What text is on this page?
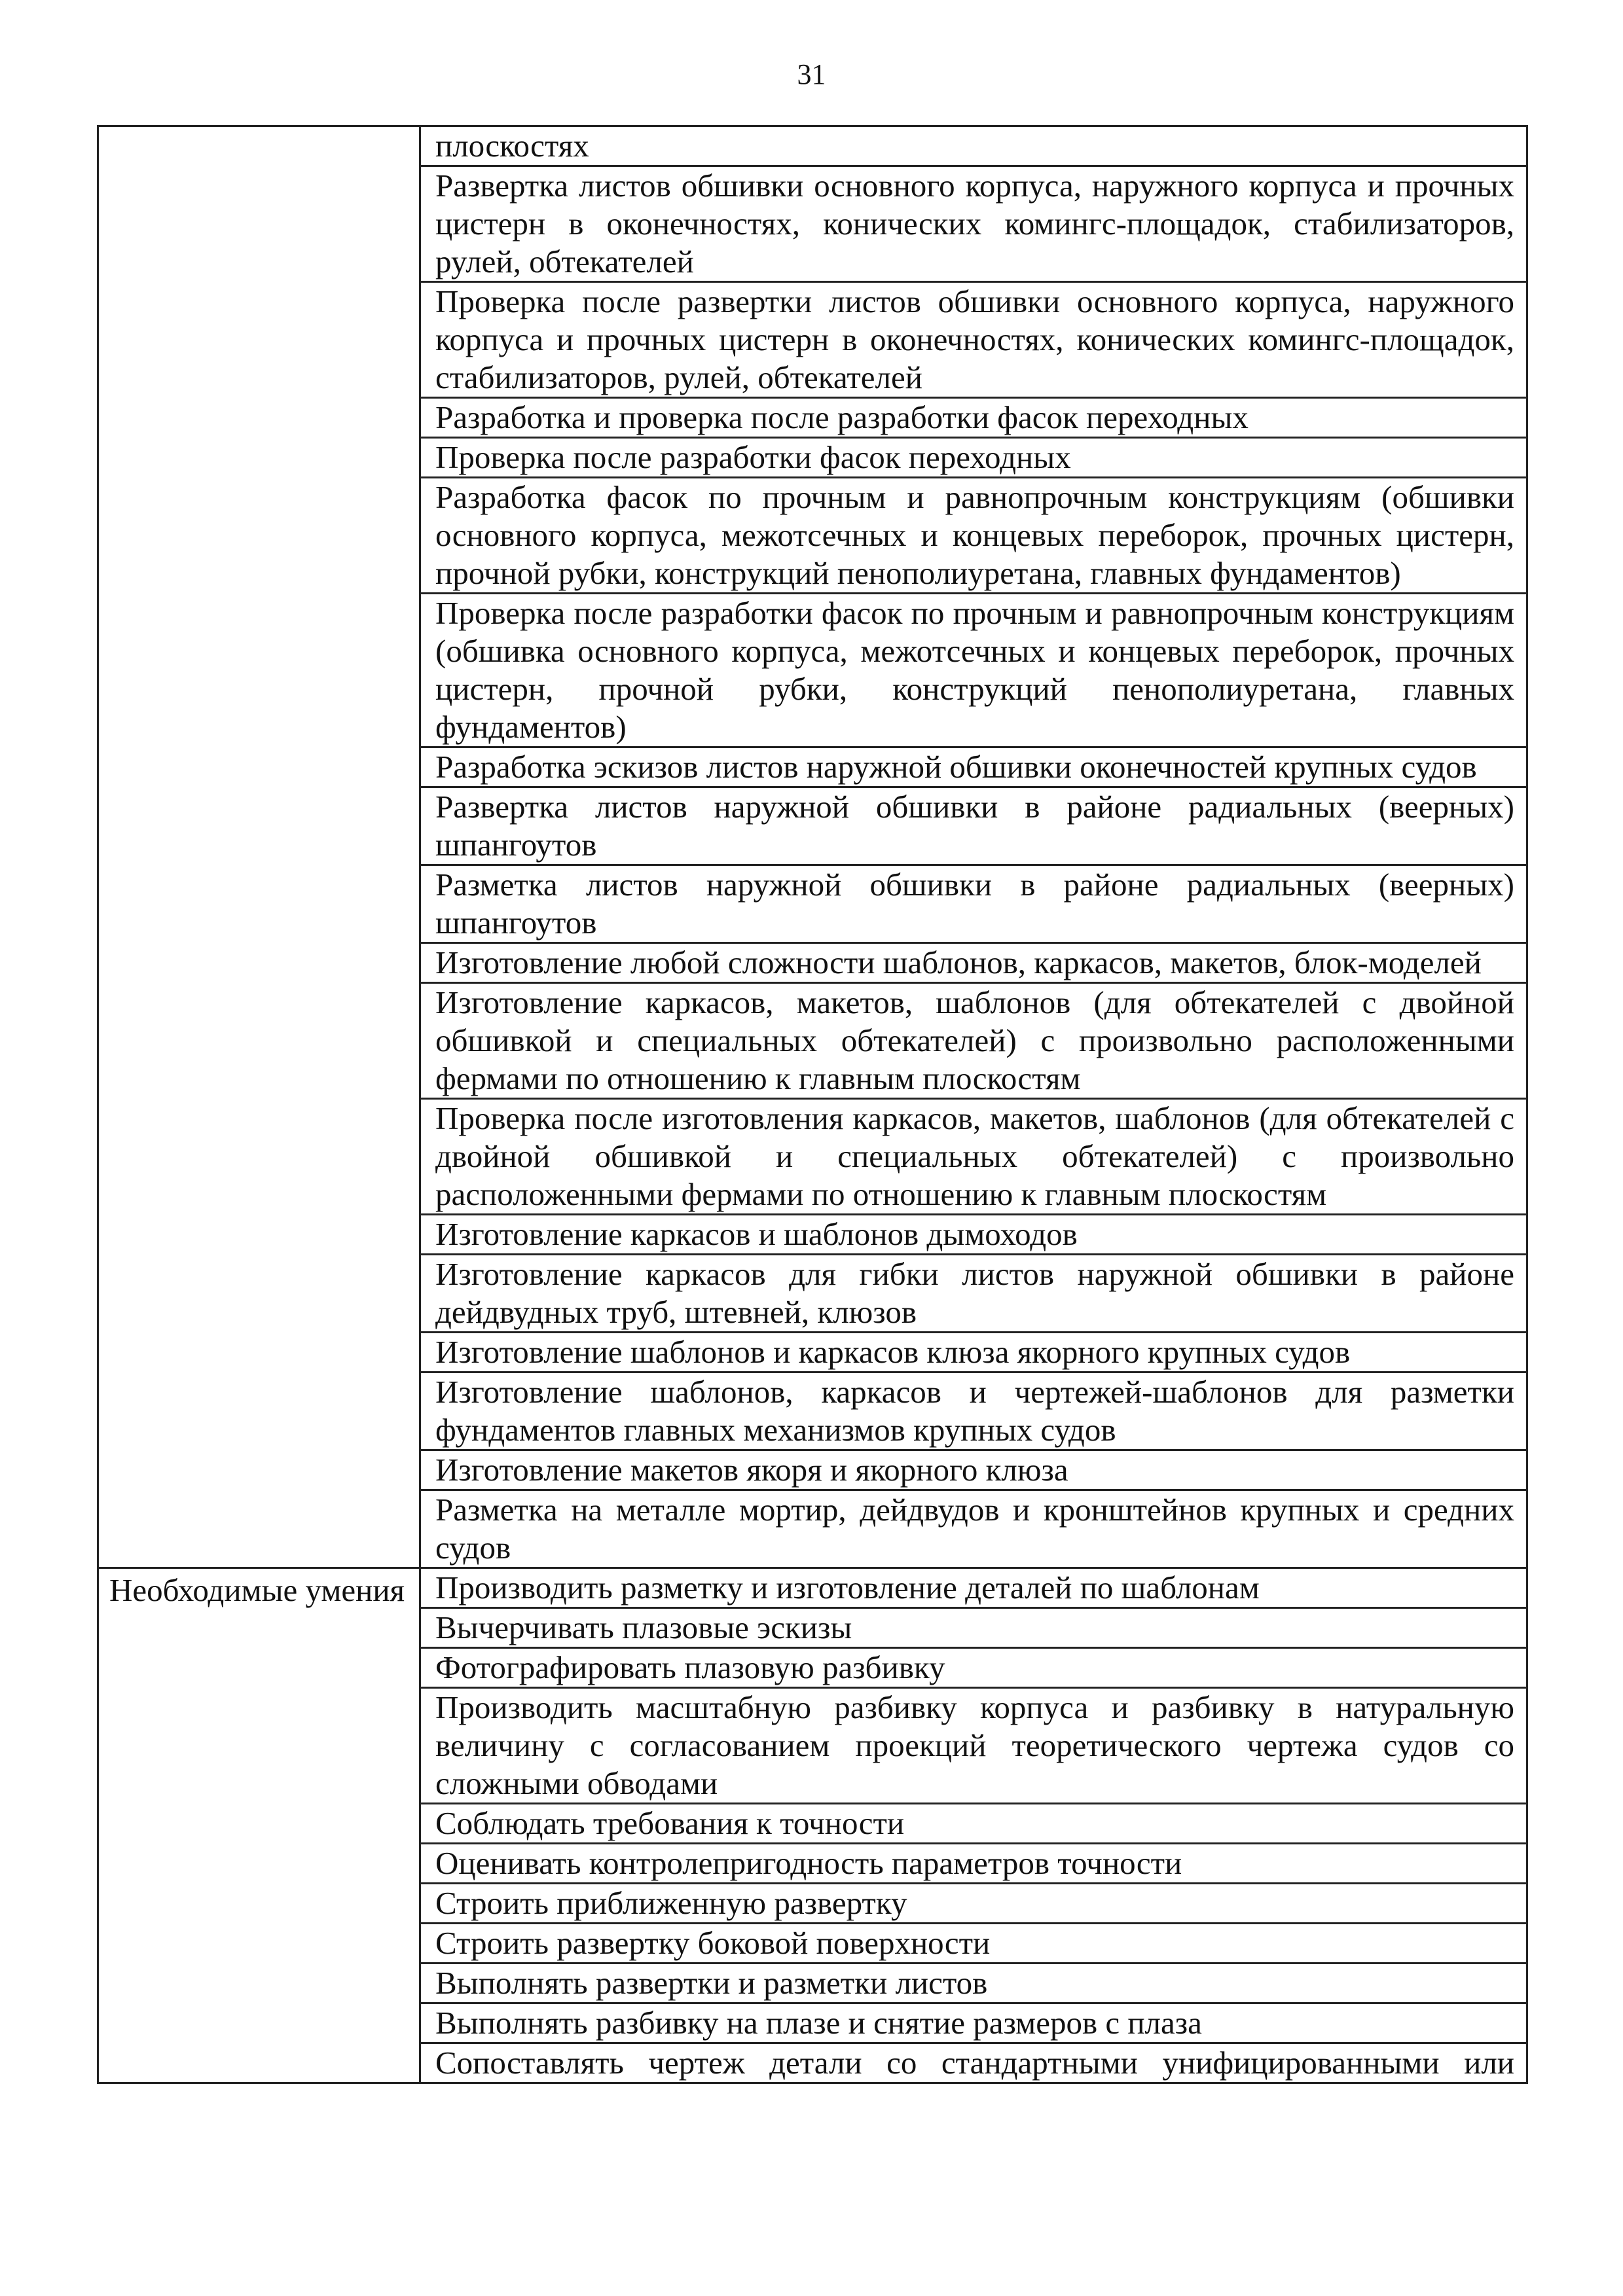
31
	плоскостях
	Развертка листов обшивки основного корпуса, наружного корпуса и прочных цистерн в оконечностях, конических комингс-площадок, стабилизаторов, рулей, обтекателей
	Проверка после развертки листов обшивки основного корпуса, наружного корпуса и прочных цистерн в оконечностях, конических комингс-площадок, стабилизаторов, рулей, обтекателей
	Разработка и проверка после разработки фасок переходных
	Проверка после разработки фасок переходных
	Разработка фасок по прочным и равнопрочным конструкциям (обшивки основного корпуса, межотсечных и концевых переборок, прочных цистерн, прочной рубки, конструкций пенополиуретана, главных фундаментов)
	Проверка после разработки фасок по прочным и равнопрочным конструкциям (обшивка основного корпуса, межотсечных и концевых переборок, прочных цистерн, прочной рубки, конструкций пенополиуретана, главных фундаментов)
	Разработка эскизов листов наружной обшивки оконечностей крупных судов
	Развертка листов наружной обшивки в районе радиальных (веерных) шпангоутов
	Разметка листов наружной обшивки в районе радиальных (веерных) шпангоутов
	Изготовление любой сложности шаблонов, каркасов, макетов, блок-моделей
	Изготовление каркасов, макетов, шаблонов (для обтекателей с двойной обшивкой и специальных обтекателей) с произвольно расположенными фермами по отношению к главным плоскостям
	Проверка после изготовления каркасов, макетов, шаблонов (для обтекателей с двойной обшивкой и специальных обтекателей) с произвольно расположенными фермами по отношению к главным плоскостям
	Изготовление каркасов и шаблонов дымоходов
	Изготовление каркасов для гибки листов наружной обшивки в районе дейдвудных труб, штевней, клюзов
	Изготовление шаблонов и каркасов клюза якорного крупных судов
	Изготовление шаблонов, каркасов и чертежей-шаблонов для разметки фундаментов главных механизмов крупных судов
	Изготовление макетов якоря и якорного клюза
	Разметка на металле мортир, дейдвудов и кронштейнов крупных и средних судов
Необходимые умения	Производить разметку и изготовление деталей по шаблонам
	Вычерчивать плазовые эскизы
	Фотографировать плазовую разбивку
	Производить масштабную разбивку корпуса и разбивку в натуральную величину с согласованием проекций теоретического чертежа судов со сложными обводами
	Соблюдать требования к точности
	Оценивать контролепригодность параметров точности
	Строить приближенную развертку
	Строить развертку боковой поверхности
	Выполнять развертки и разметки листов
	Выполнять разбивку на плазе и снятие размеров с плаза

	Сопоставлять чертеж детали со стандартными унифицированными или
